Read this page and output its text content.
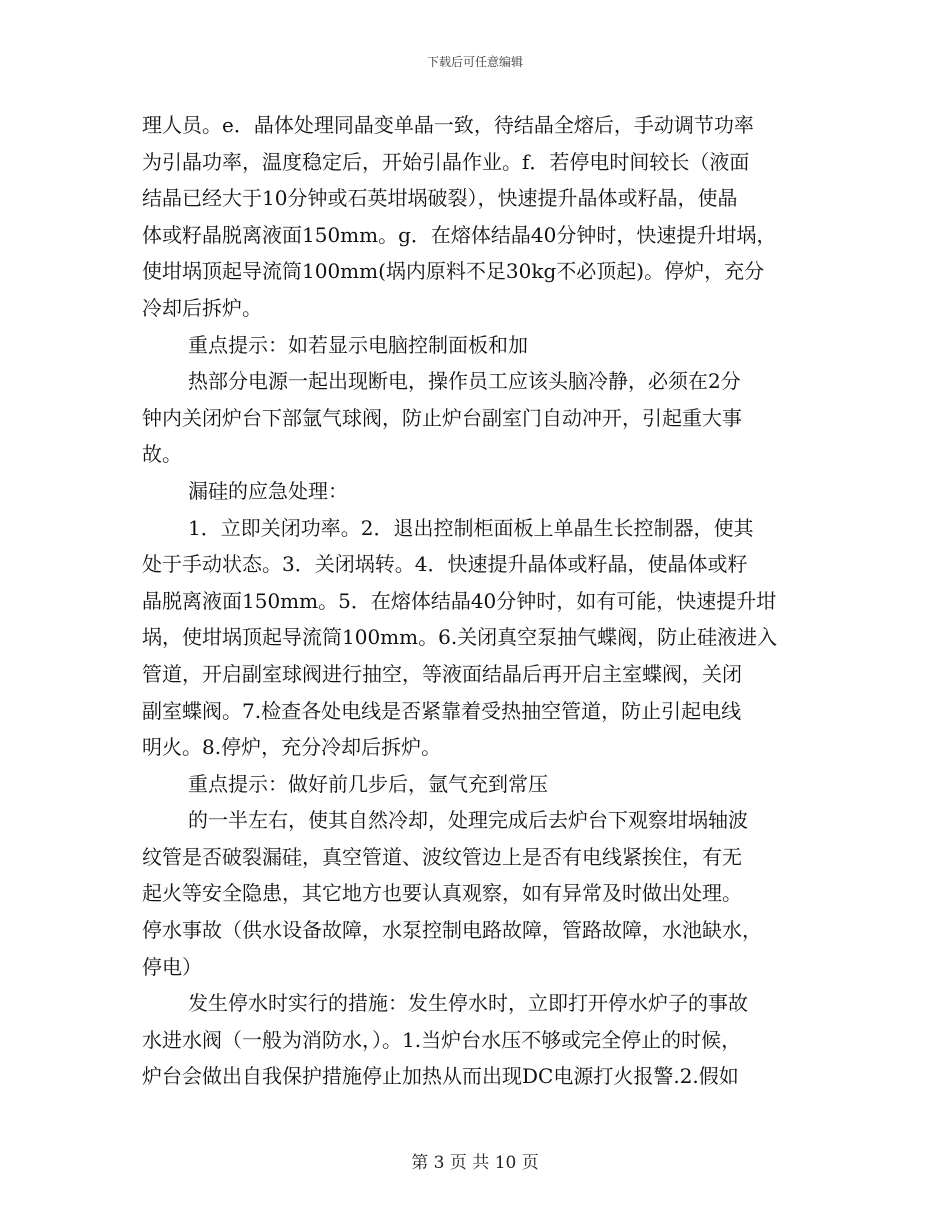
下载后可任意编辑
理人员。e．晶体处理同晶变单晶一致，待结晶全熔后，手动调节功率
为引晶功率，温度稳定后，开始引晶作业。f．若停电时间较长（液面
结晶已经大于10分钟或石英坩埚破裂），快速提升晶体或籽晶，使晶
体或籽晶脱离液面150mm。g．在熔体结晶40分钟时，快速提升坩埚，
使坩埚顶起导流筒100mm(埚内原料不足30kg不必顶起)。停炉，充分
冷却后拆炉。
重点提示：如若显示电脑控制面板和加
热部分电源一起出现断电，操作员工应该头脑冷静，必须在2分
钟内关闭炉台下部氩气球阀，防止炉台副室门自动冲开，引起重大事
故。
漏硅的应急处理：
1．立即关闭功率。2．退出控制柜面板上单晶生长控制器，使其
处于手动状态。3．关闭埚转。4．快速提升晶体或籽晶，使晶体或籽
晶脱离液面150mm。5．在熔体结晶40分钟时，如有可能，快速提升坩
埚，使坩埚顶起导流筒100mm。6.关闭真空泵抽气蝶阀，防止硅液进入
管道，开启副室球阀进行抽空，等液面结晶后再开启主室蝶阀，关闭
副室蝶阀。7.检查各处电线是否紧靠着受热抽空管道，防止引起电线
明火。8.停炉，充分冷却后拆炉。
重点提示：做好前几步后，氩气充到常压
的一半左右，使其自然冷却，处理完成后去炉台下观察坩埚轴波
纹管是否破裂漏硅，真空管道、波纹管边上是否有电线紧挨住，有无
起火等安全隐患，其它地方也要认真观察，如有异常及时做出处理。
停水事故（供水设备故障，水泵控制电路故障，管路故障，水池缺水，
停电）
发生停水时实行的措施：发生停水时，立即打开停水炉子的事故
水进水阀（一般为消防水，）。1.当炉台水压不够或完全停止的时候，
炉台会做出自我保护措施停止加热从而出现DC电源打火报警.2.假如
第 3 页 共 10 页
